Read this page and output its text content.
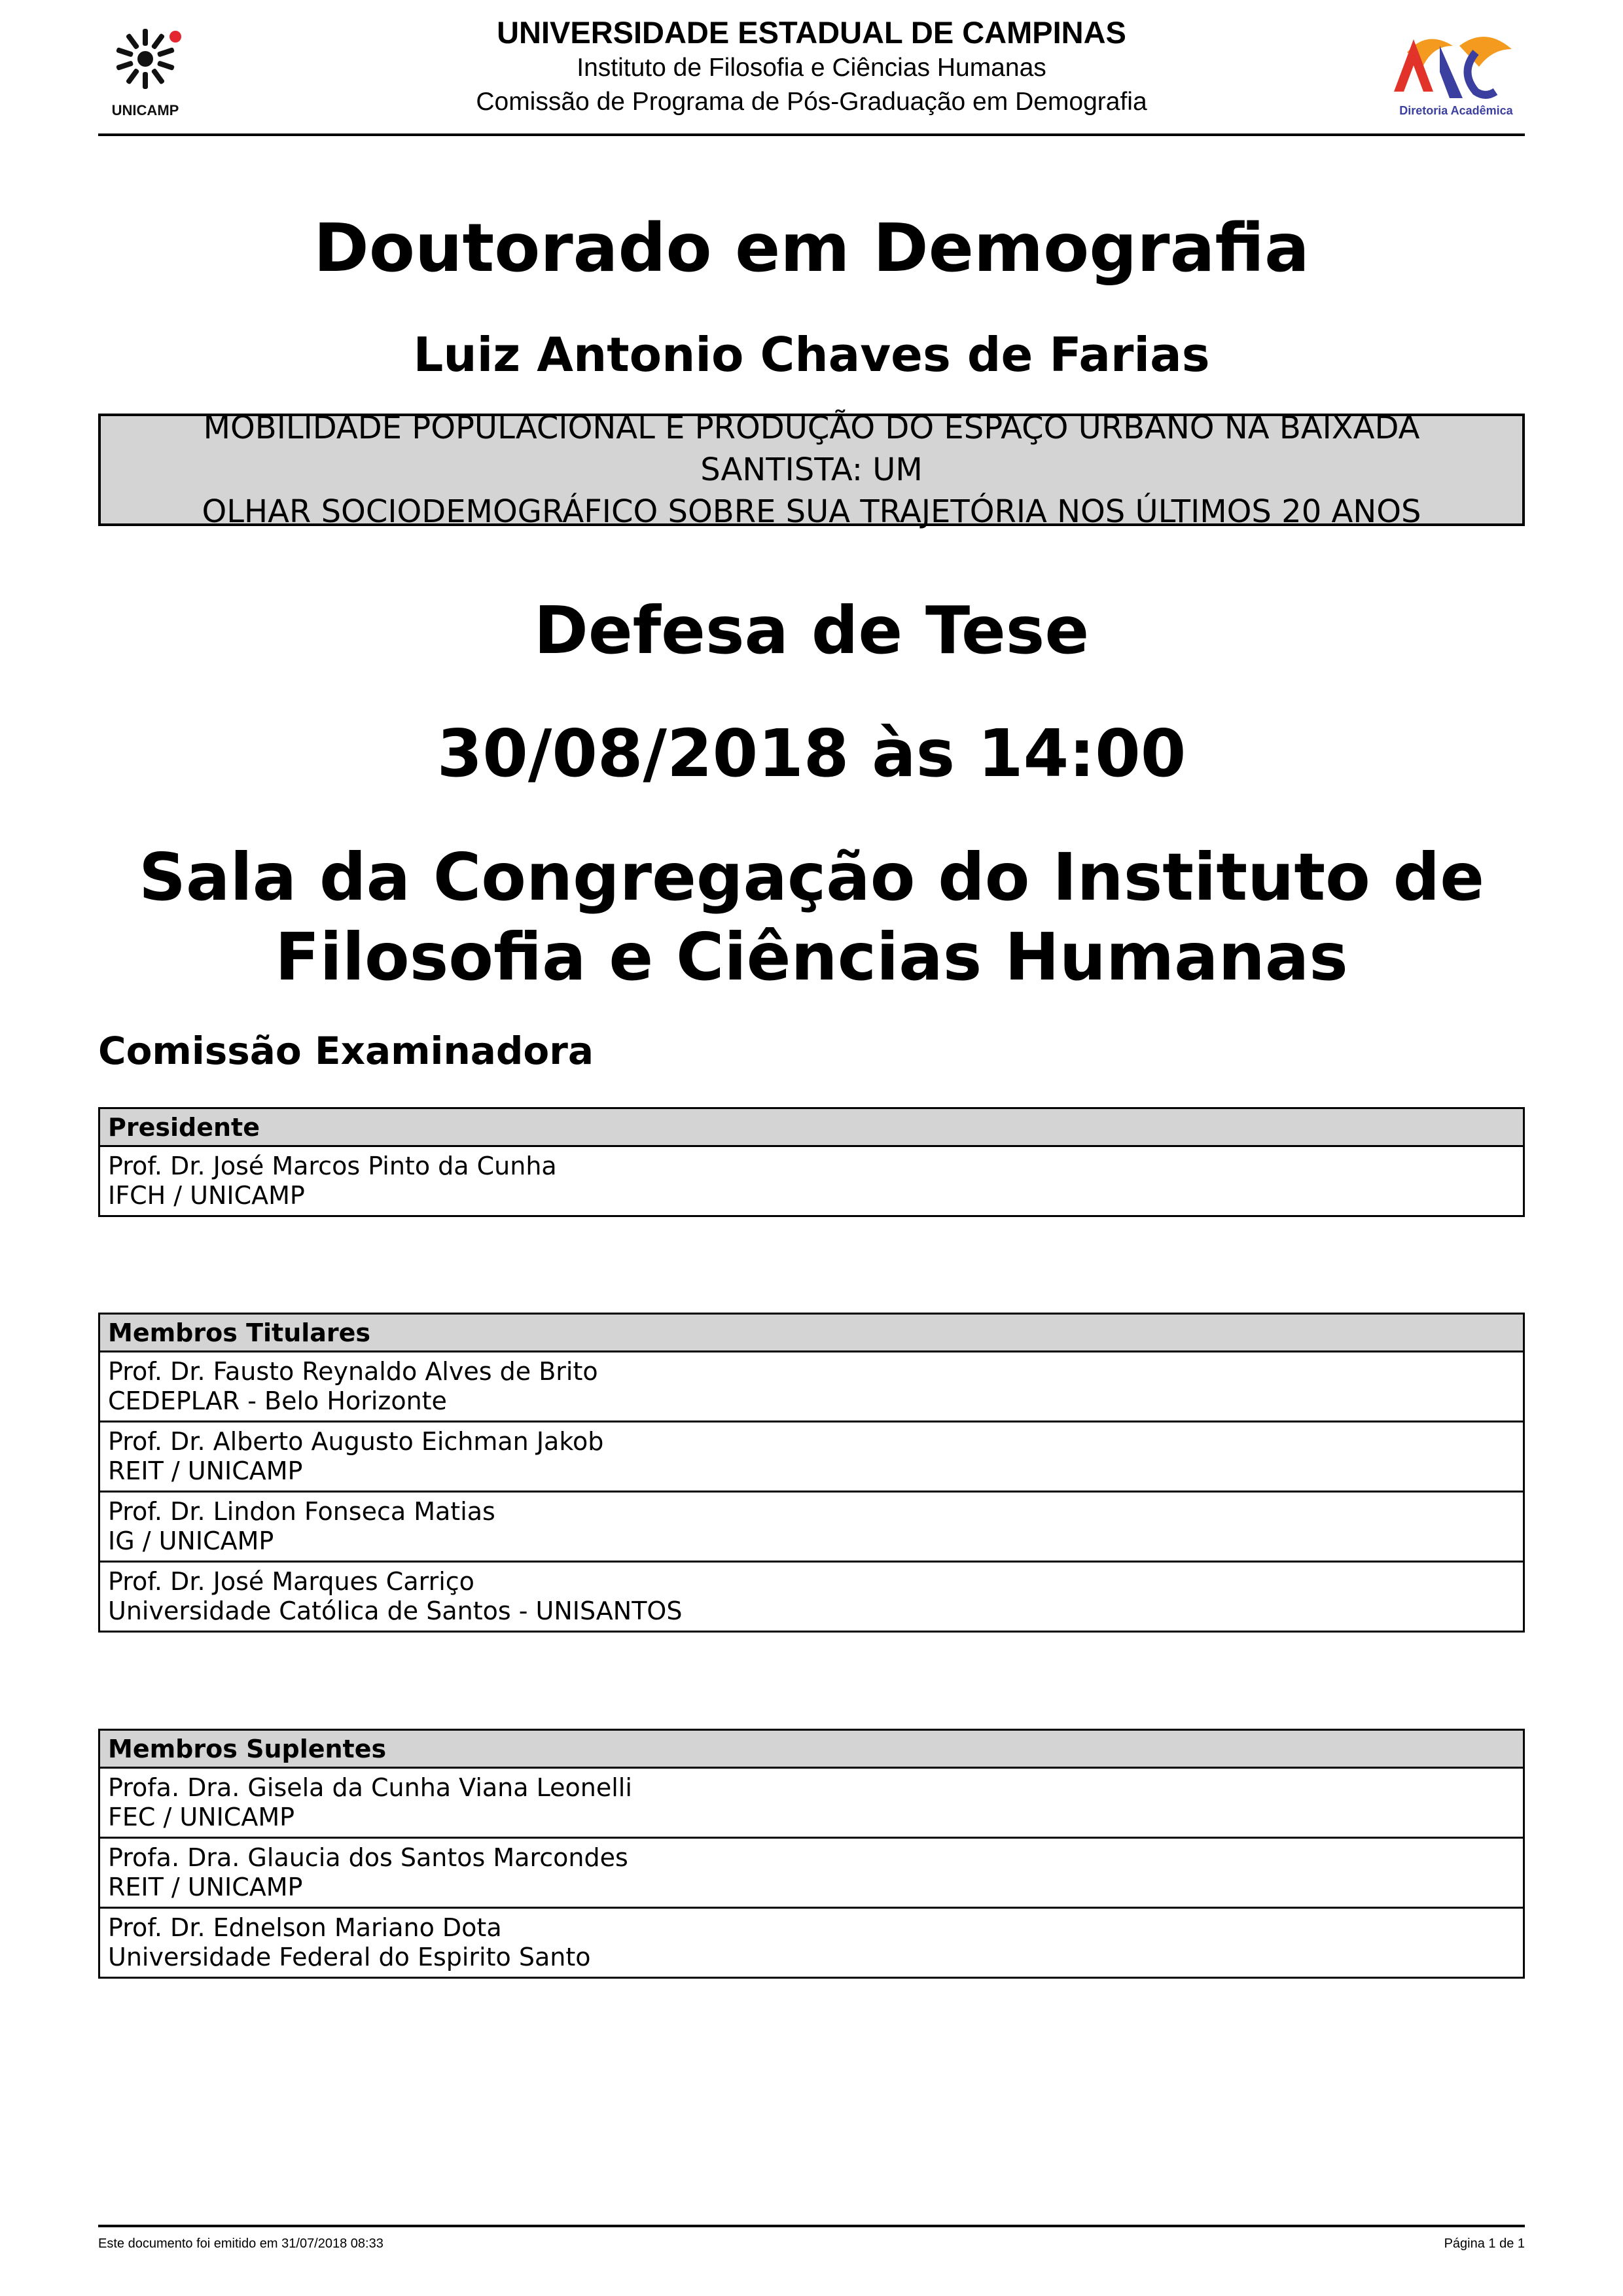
UNICAMP
UNIVERSIDADE ESTADUAL DE CAMPINAS
Instituto de Filosofia e Ciências Humanas
Comissão de Programa de Pós-Graduação em Demografia	Diretoria Acadêmica
Doutorado em Demografia
Luiz Antonio Chaves de Farias
MOBILIDADE POPULACIONAL E PRODUÇÃO DO ESPAÇO URBANO NA BAIXADA SANTISTA: UM
OLHAR SOCIODEMOGRÁFICO SOBRE SUA TRAJETÓRIA NOS ÚLTIMOS 20 ANOS
Defesa de Tese
30/08/2018 às 14:00
Sala da Congregação do Instituto de
Filosofia e Ciências Humanas
Comissão Examinadora
Presidente

Prof. Dr. José Marcos Pinto da Cunha
IFCH / UNICAMP
Membros Titulares

Prof. Dr. Fausto Reynaldo Alves de Brito
CEDEPLAR - Belo Horizonte

Prof. Dr. Alberto Augusto Eichman Jakob
REIT / UNICAMP

Prof. Dr. Lindon Fonseca Matias
IG / UNICAMP

Prof. Dr. José Marques Carriço
Universidade Católica de Santos - UNISANTOS
Membros Suplentes

Profa. Dra. Gisela da Cunha Viana Leonelli
FEC / UNICAMP

Profa. Dra. Glaucia dos Santos Marcondes
REIT / UNICAMP

Prof. Dr. Ednelson Mariano Dota
Universidade Federal do Espirito Santo
Este documento foi emitido em 31/07/2018 08:33	Página 1 de 1
